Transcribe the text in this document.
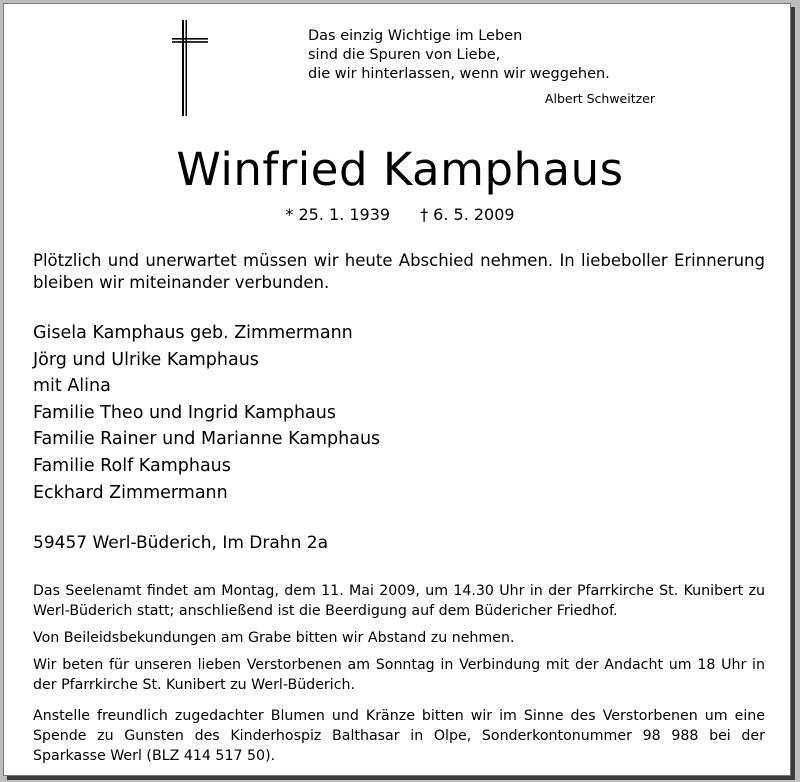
Das einzig Wichtige im Leben
sind die Spuren von Liebe,
die wir hinterlassen, wenn wir weggehen.
Albert Schweitzer
Winfried Kamphaus
* 25. 1. 1939 † 6. 5. 2009
Plötzlich und unerwartet müssen wir heute Abschied nehmen. In liebeboller Erinnerung bleiben wir miteinander verbunden.
Gisela Kamphaus geb. Zimmermann
Jörg und Ulrike Kamphaus
mit Alina
Familie Theo und Ingrid Kamphaus
Familie Rainer und Marianne Kamphaus
Familie Rolf Kamphaus
Eckhard Zimmermann
59457 Werl-Büderich, Im Drahn 2a

Das Seelenamt findet am Montag, dem 11. Mai 2009, um 14.30 Uhr in der Pfarrkirche St. Kunibert zu Werl-Büderich statt; anschließend ist die Beerdigung auf dem Büdericher Friedhof.

Von Beileidsbekundungen am Grabe bitten wir Abstand zu nehmen.

Wir beten für unseren lieben Verstorbenen am Sonntag in Verbindung mit der Andacht um 18 Uhr in der Pfarrkirche St. Kunibert zu Werl-Büderich.

Anstelle freundlich zugedachter Blumen und Kränze bitten wir im Sinne des Verstorbenen um eine Spende zu Gunsten des Kinderhospiz Balthasar in Olpe, Sonderkontonummer 98 988 bei der Sparkasse Werl (BLZ 414 517 50).
